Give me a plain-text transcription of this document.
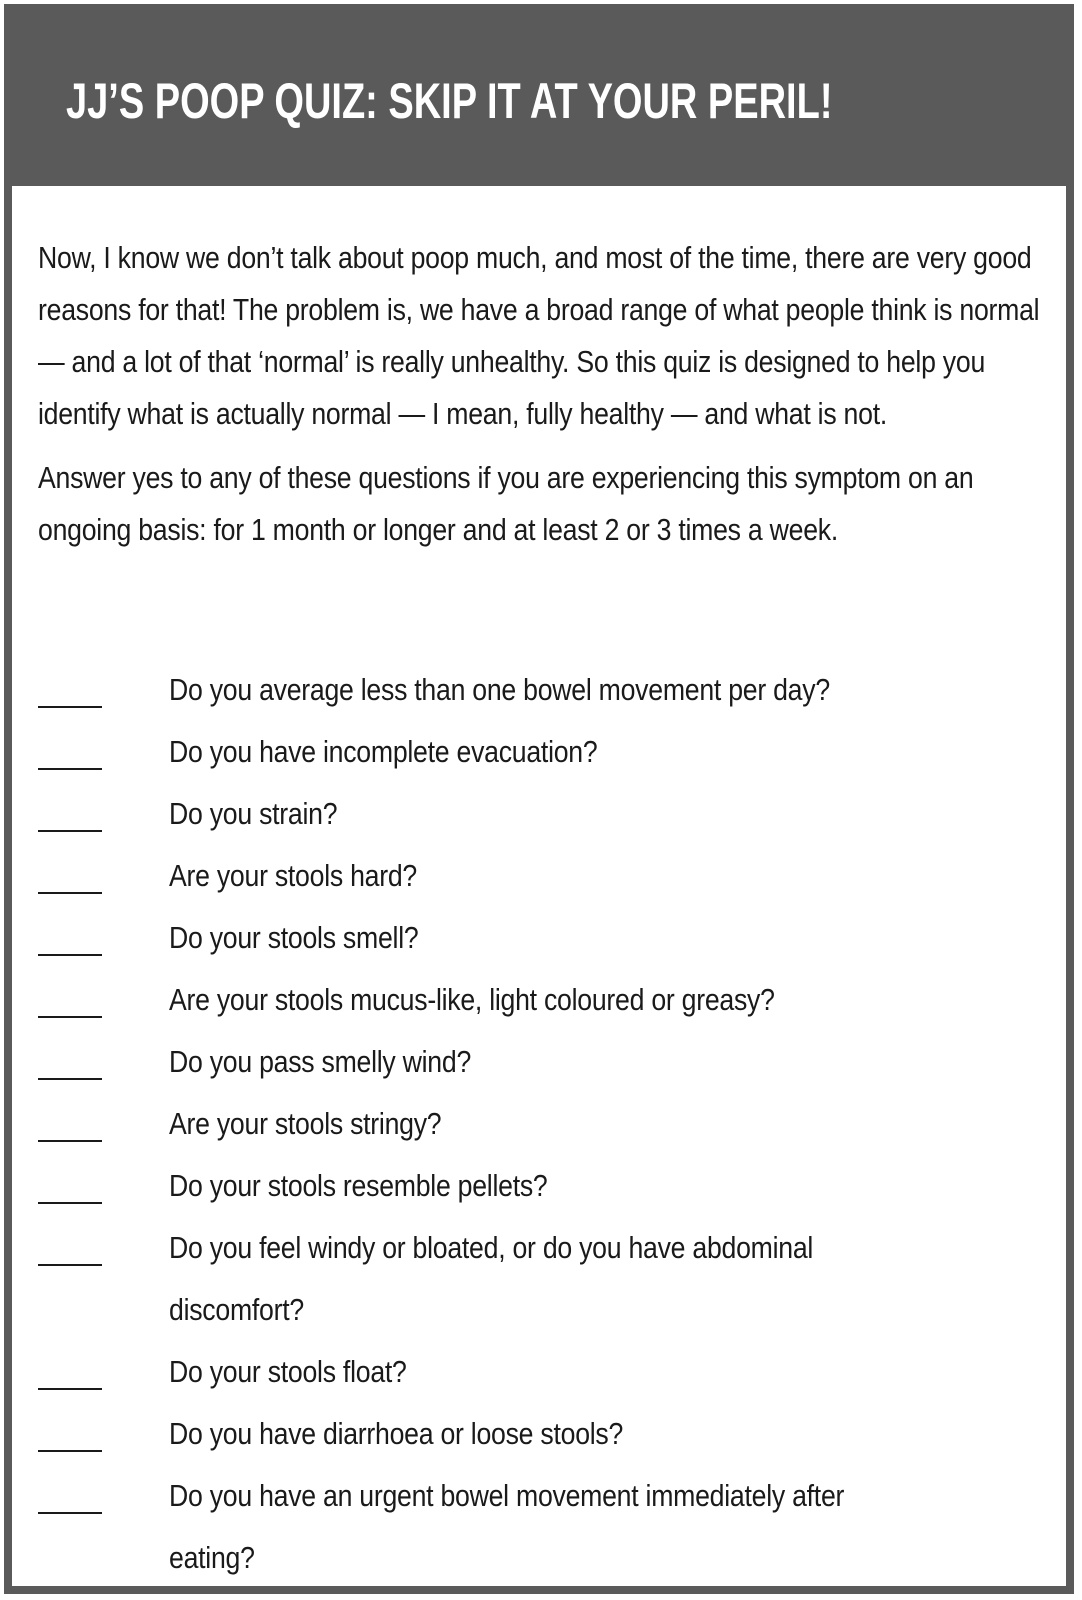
JJ’S POOP QUIZ: SKIP IT AT YOUR PERIL!

Now, I know we don’t talk about poop much, and most of the time, there are very good reasons for that! The problem is, we have a broad range of what people think is normal — and a lot of that ‘normal’ is really unhealthy. So this quiz is designed to help you identify what is actually normal — I mean, fully healthy — and what is not.

Answer yes to any of these questions if you are experiencing this symptom on an ongoing basis: for 1 month or longer and at least 2 or 3 times a week.

Do you average less than one bowel movement per day?
Do you have incomplete evacuation?
Do you strain?
Are your stools hard?
Do your stools smell?
Are your stools mucus-like, light coloured or greasy?
Do you pass smelly wind?
Are your stools stringy?
Do your stools resemble pellets?
Do you feel windy or bloated, or do you have abdominal discomfort?
Do your stools float?
Do you have diarrhoea or loose stools?
Do you have an urgent bowel movement immediately after eating?
